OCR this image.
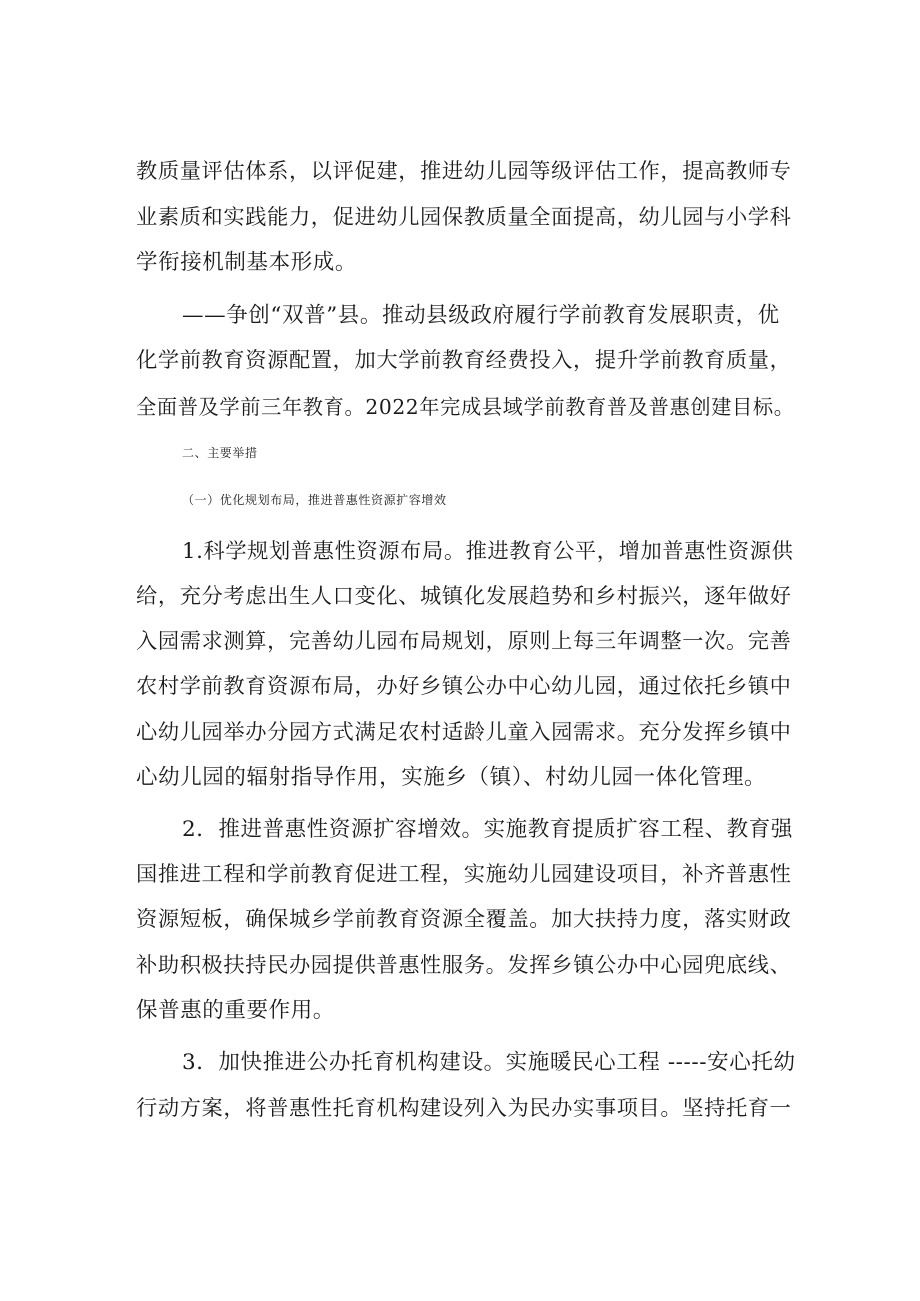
教质量评估体系，以评促建，推进幼儿园等级评估工作，提高教师专
业素质和实践能力，促进幼儿园保教质量全面提高，幼儿园与小学科
学衔接机制基本形成。
——争创“双普”县。推动县级政府履行学前教育发展职责，优
化学前教育资源配置，加大学前教育经费投入，提升学前教育质量，
全面普及学前三年教育。2022年完成县域学前教育普及普惠创建目标。
二、主要举措
（一）优化规划布局，推进普惠性资源扩容增效
1.科学规划普惠性资源布局。推进教育公平，增加普惠性资源供
给，充分考虑出生人口变化、城镇化发展趋势和乡村振兴，逐年做好
入园需求测算，完善幼儿园布局规划，原则上每三年调整一次。完善
农村学前教育资源布局，办好乡镇公办中心幼儿园，通过依托乡镇中
心幼儿园举办分园方式满足农村适龄儿童入园需求。充分发挥乡镇中
心幼儿园的辐射指导作用，实施乡（镇）、村幼儿园一体化管理。
2．推进普惠性资源扩容增效。实施教育提质扩容工程、教育强
国推进工程和学前教育促进工程，实施幼儿园建设项目，补齐普惠性
资源短板，确保城乡学前教育资源全覆盖。加大扶持力度，落实财政
补助积极扶持民办园提供普惠性服务。发挥乡镇公办中心园兜底线、
保普惠的重要作用。
3．加快推进公办托育机构建设。实施暖民心工程 -----安心托幼
行动方案，将普惠性托育机构建设列入为民办实事项目。坚持托育一
